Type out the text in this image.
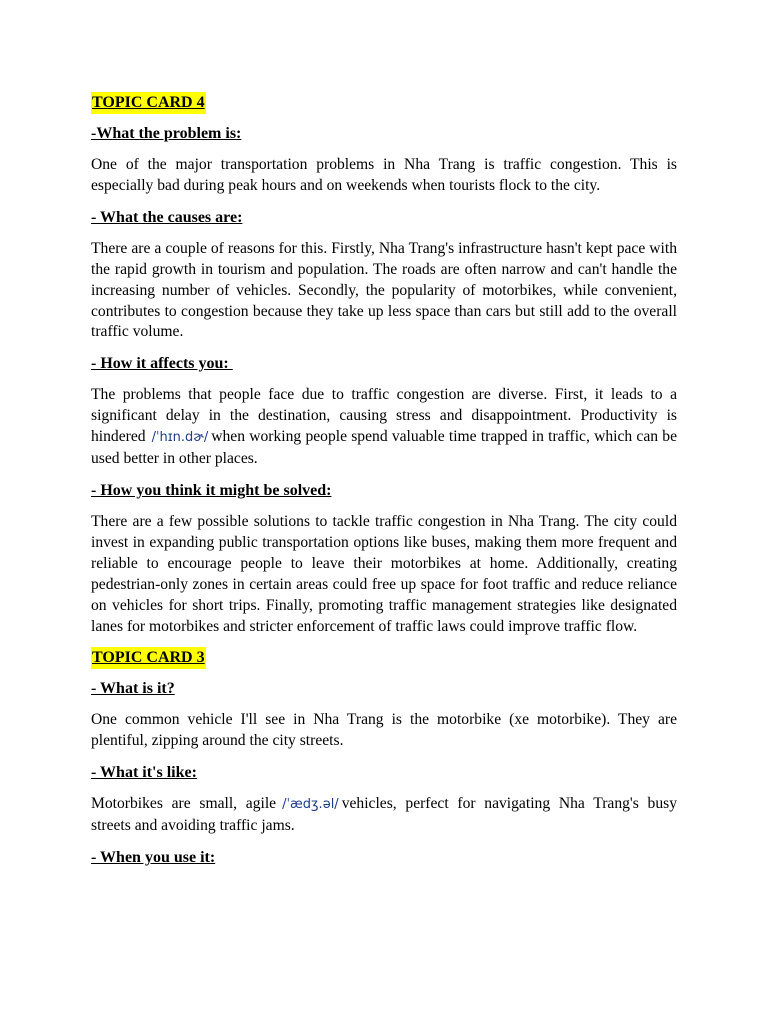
TOPIC CARD 4
-What the problem is:

One of the major transportation problems in Nha Trang is traffic congestion. This is especially bad during peak hours and on weekends when tourists flock to the city.

- What the causes are:

There are a couple of reasons for this. Firstly, Nha Trang's infrastructure hasn't kept pace with the rapid growth in tourism and population. The roads are often narrow and can't handle the increasing number of vehicles. Secondly, the popularity of motorbikes, while convenient, contributes to congestion because they take up less space than cars but still add to the overall traffic volume.

- How it affects you:

The problems that people face due to traffic congestion are diverse. First, it leads to a significant delay in the destination, causing stress and disappointment. Productivity is hindered /ˈhɪn.dɚ/ when working people spend valuable time trapped in traffic, which can be used better in other places.

- How you think it might be solved:

There are a few possible solutions to tackle traffic congestion in Nha Trang. The city could invest in expanding public transportation options like buses, making them more frequent and reliable to encourage people to leave their motorbikes at home. Additionally, creating pedestrian-only zones in certain areas could free up space for foot traffic and reduce reliance on vehicles for short trips. Finally, promoting traffic management strategies like designated lanes for motorbikes and stricter enforcement of traffic laws could improve traffic flow.

TOPIC CARD 3
- What is it?

One common vehicle I'll see in Nha Trang is the motorbike (xe motorbike). They are plentiful, zipping around the city streets.

- What it's like:

Motorbikes are small, agile /ˈædʒ.əl/ vehicles, perfect for navigating Nha Trang's busy streets and avoiding traffic jams.

- When you use it:
